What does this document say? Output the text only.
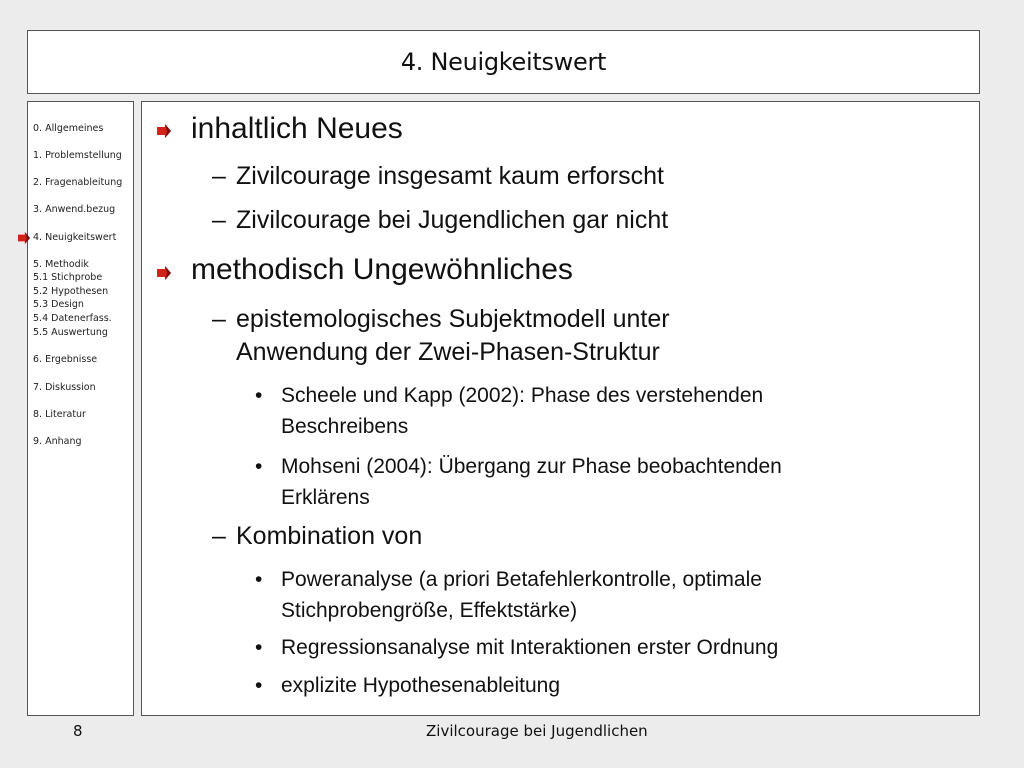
4. Neuigkeitswert
0. Allgemeines
1. Problemstellung
2. Fragenableitung
3. Anwend.bezug
4. Neuigkeitswert
5. Methodik
5.1 Stichprobe
5.2 Hypothesen
5.3 Design
5.4 Datenerfass.
5.5 Auswertung
6. Ergebnisse
7. Diskussion
8. Literatur
9. Anhang
inhaltlich Neues
– Zivilcourage insgesamt kaum erforscht
– Zivilcourage bei Jugendlichen gar nicht
methodisch Ungewöhnliches
– epistemologisches Subjektmodell unter
Anwendung der Zwei-Phasen-Struktur
• Scheele und Kapp (2002): Phase des verstehenden
Beschreibens
• Mohseni (2004): Übergang zur Phase beobachtenden
Erklärens
– Kombination von
• Poweranalyse (a priori Betafehlerkontrolle, optimale
Stichprobengröße, Effektstärke)
• Regressionsanalyse mit Interaktionen erster Ordnung
• explizite Hypothesenableitung
8	Zivilcourage bei Jugendlichen
